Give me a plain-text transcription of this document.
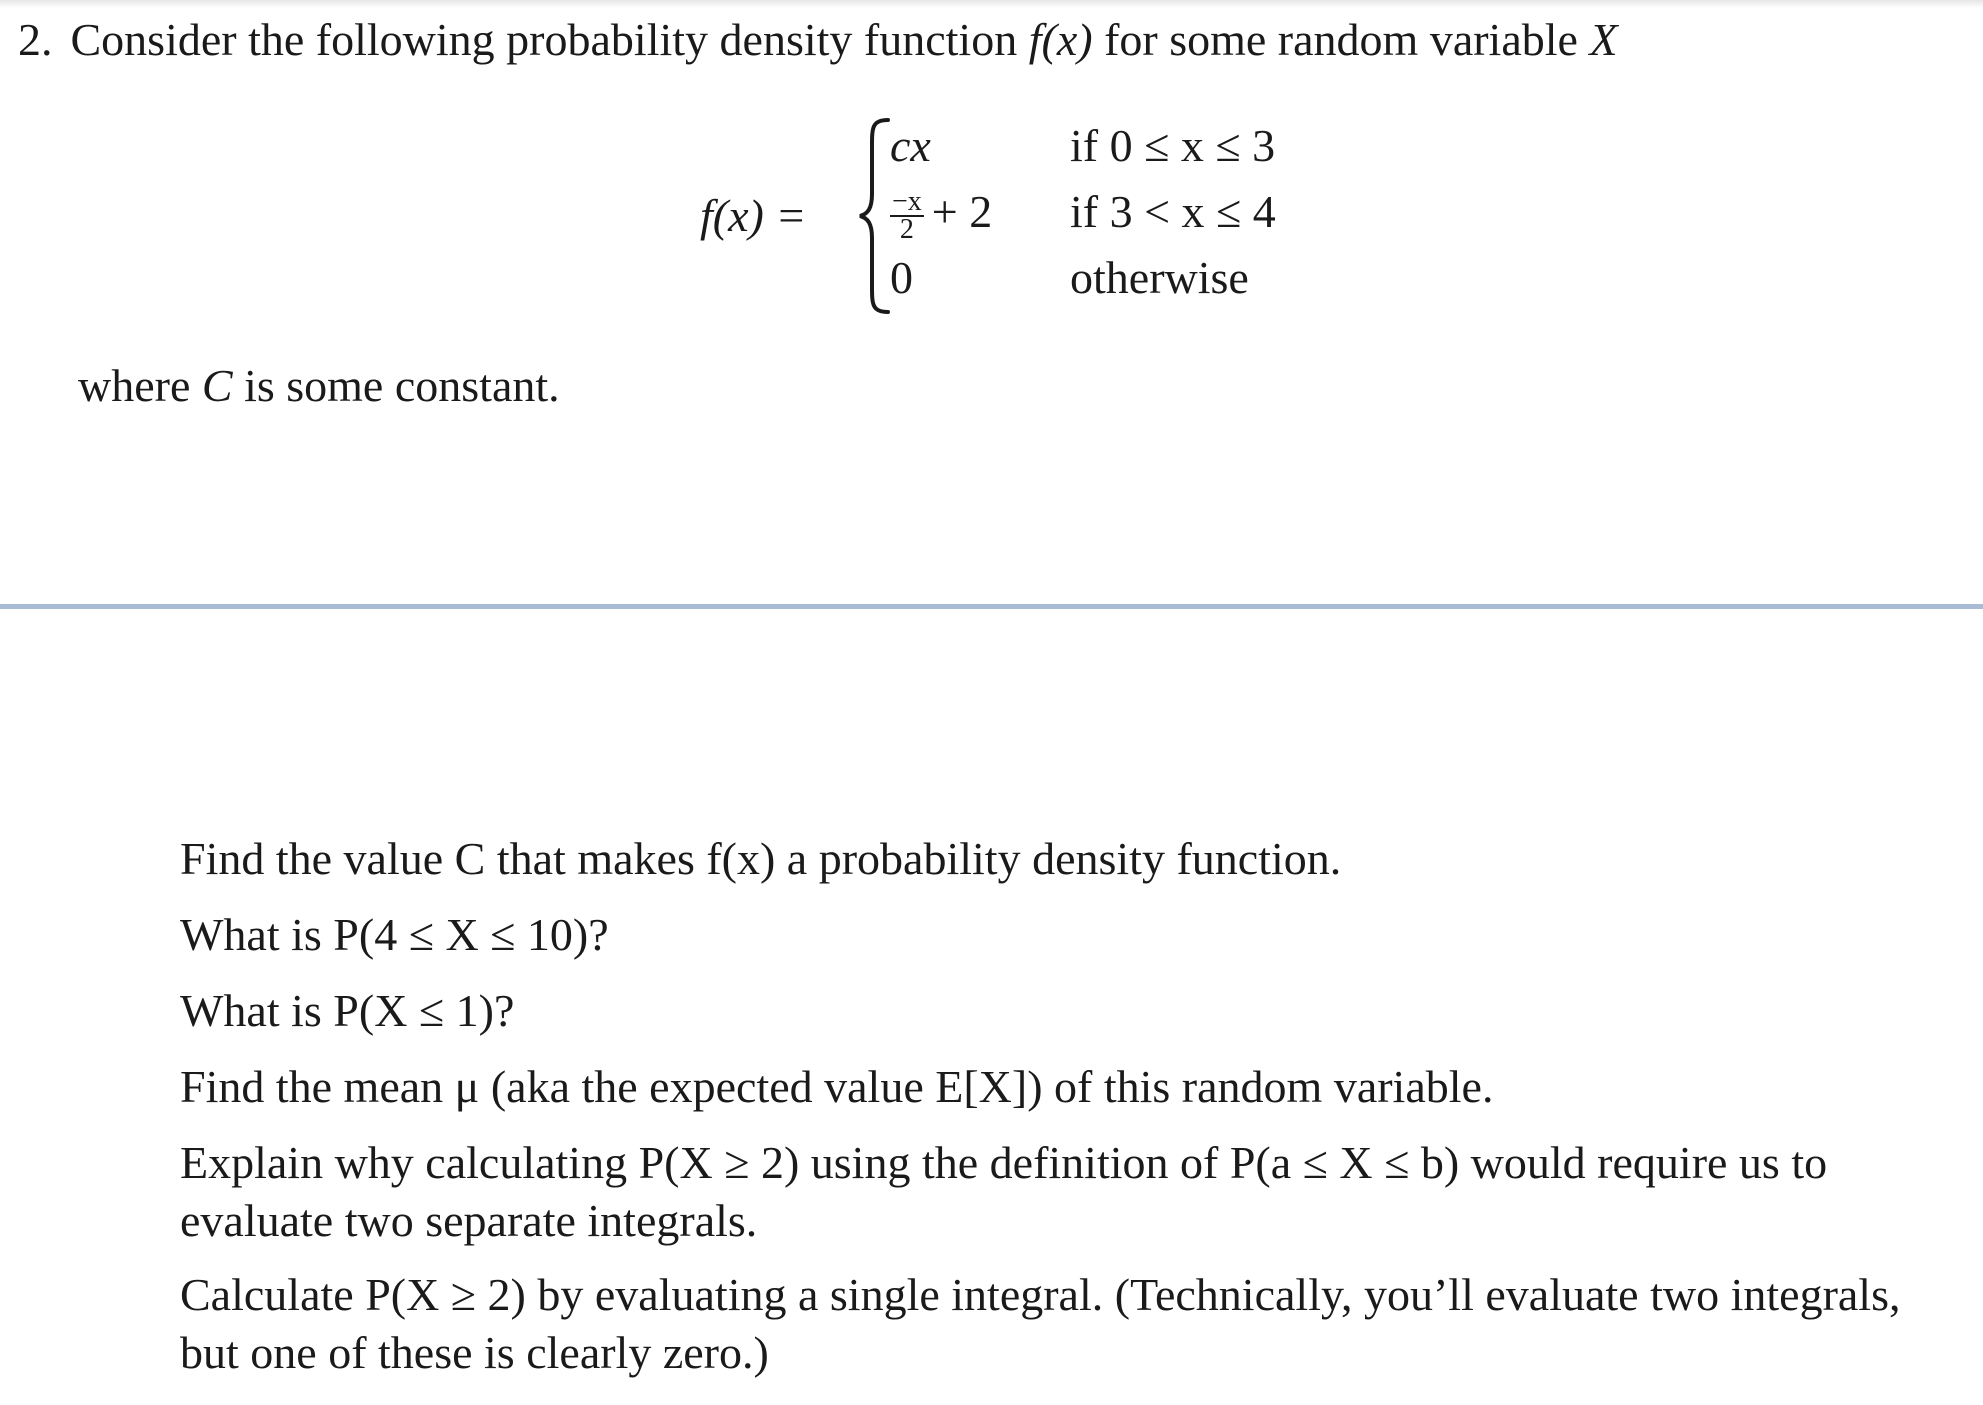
2. Consider the following probability density function f(x) for some random variable X
f(x) =
cx	if 0 ≤ x ≤ 3
$\frac{-x}{2} + 2$ if 3 < x ≤ 4
0	otherwise
where C is some constant.
Find the value C that makes f(x) a probability density function.
What is P(4 ≤ X ≤ 10)?
What is P(X ≤ 1)?
Find the mean μ (aka the expected value E[X]) of this random variable.
Explain why calculating P(X ≥ 2) using the definition of P(a ≤ X ≤ b) would require us to evaluate two separate integrals.
Calculate P(X ≥ 2) by evaluating a single integral. (Technically, you’ll evaluate two integrals, but one of these is clearly zero.)
